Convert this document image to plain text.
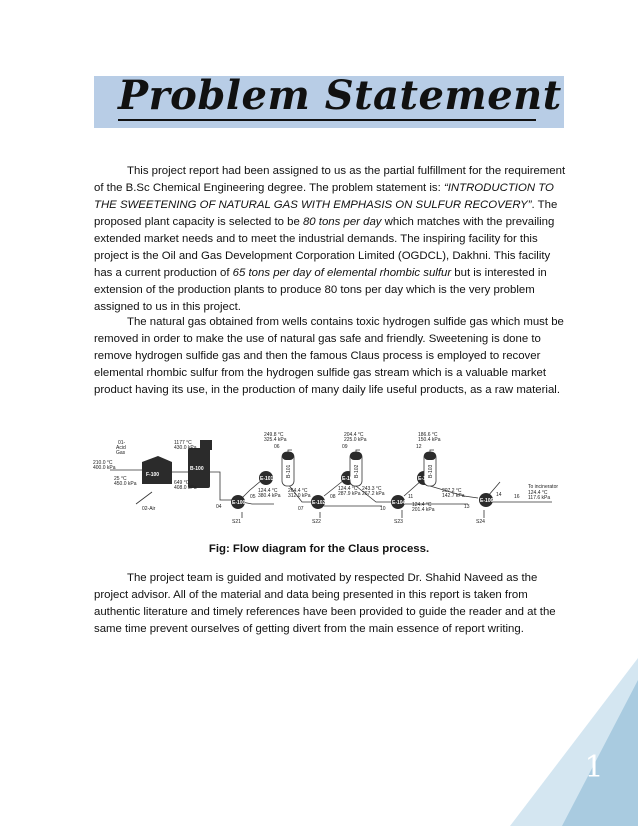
Problem Statement

This project report had been assigned to us as the partial fulfillment for the requirement of the B.Sc Chemical Engineering degree. The problem statement is: “INTRODUCTION TO THE SWEETENING OF NATURAL GAS WITH EMPHASIS ON SULFUR RECOVERY”. The proposed plant capacity is selected to be 80 tons per day which matches with the prevailing extended market needs and to meet the industrial demands. The inspiring facility for this project is the Oil and Gas Development Corporation Limited (OGDCL), Dakhni. This facility has a current production of 65 tons per day of elemental rhombic sulfur but is interested in extension of the production plants to produce 80 tons per day which is the very problem assigned to us in this project.

The natural gas obtained from wells contains toxic hydrogen sulfide gas which must be removed in order to make the use of natural gas safe and friendly. Sweetening is done to remove hydrogen sulfide gas and then the famous Claus process is employed to recover elemental rhombic sulfur from the hydrogen sulfide gas stream which is a valuable market product having its use, in the production of many daily life useful products, as a raw material.

01-Acid Gas
210.0 °C 400.0 kPa
25 °C 450.0 kPa
02-Air
F-100
B-100
1177 °C 430.0 kPa
649 °C 408.0 kPa
249.8 °C 325.4 kPa
204.4 °C 225.0 kPa
186.6 °C 150.4 kPa
06	09	12
04
05
07
08
10
11
13
14 16
124.4 °C 380.4 kPa
264.4 °C 312.0 kPa
124.4 °C 287.9 kPa
243.3 °C 267.2 kPa
124.4 °C 201.4 kPa
207.2 °C 142.7 kPa	124.4 °C 117.6 kPa
S21	S22	S23	S24
To incinerator
E-100
E-101
E-102
E-103
E-104
E-105
E-106
B-101	B-102	B-103
Fig: Flow diagram for the Claus process.

The project team is guided and motivated by respected Dr. Shahid Naveed as the project advisor. All of the material and data being presented in this report is taken from authentic literature and timely references have been provided to guide the reader and at the same time prevent ourselves of getting divert from the main essence of report writing.

1
